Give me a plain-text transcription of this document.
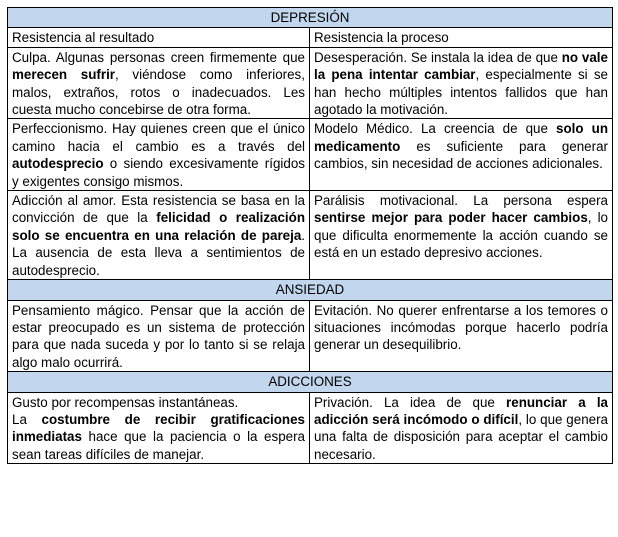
DEPRESIÓN	
Resistencia al resultado	Resistencia la proceso
Culpa. Algunas personas creen firmemente que merecen sufrir, viéndose como inferiores, malos, extraños, rotos o inadecuados. Les cuesta mucho concebirse de otra forma.	Desesperación. Se instala la idea de que no vale la pena intentar cambiar, especialmente si se han hecho múltiples intentos fallidos que han agotado la motivación.
Perfeccionismo. Hay quienes creen que el único camino hacia el cambio es a través del autodesprecio o siendo excesivamente rígidos y exigentes consigo mismos.	Modelo Médico. La creencia de que solo un medicamento es suficiente para generar cambios, sin necesidad de acciones adicionales.
Adicción al amor. Esta resistencia se basa en la convicción de que la felicidad o realización solo se encuentra en una relación de pareja. La ausencia de esta lleva a sentimientos de autodesprecio.	Parálisis motivacional. La persona espera sentirse mejor para poder hacer cambios, lo que dificulta enormemente la acción cuando se está en un estado depresivo acciones.
ANSIEDAD	
Pensamiento mágico. Pensar que la acción de estar preocupado es un sistema de protección para que nada suceda y por lo tanto si se relaja algo malo ocurrirá.	Evitación. No querer enfrentarse a los temores o situaciones incómodas porque hacerlo podría generar un desequilibrio.
ADICCIONES	
Gusto por recompensas instantáneas.
La costumbre de recibir gratificaciones inmediatas hace que la paciencia o la espera sean tareas difíciles de manejar.	Privación. La idea de que renunciar a la adicción será incómodo o difícil, lo que genera una falta de disposición para aceptar el cambio necesario.
